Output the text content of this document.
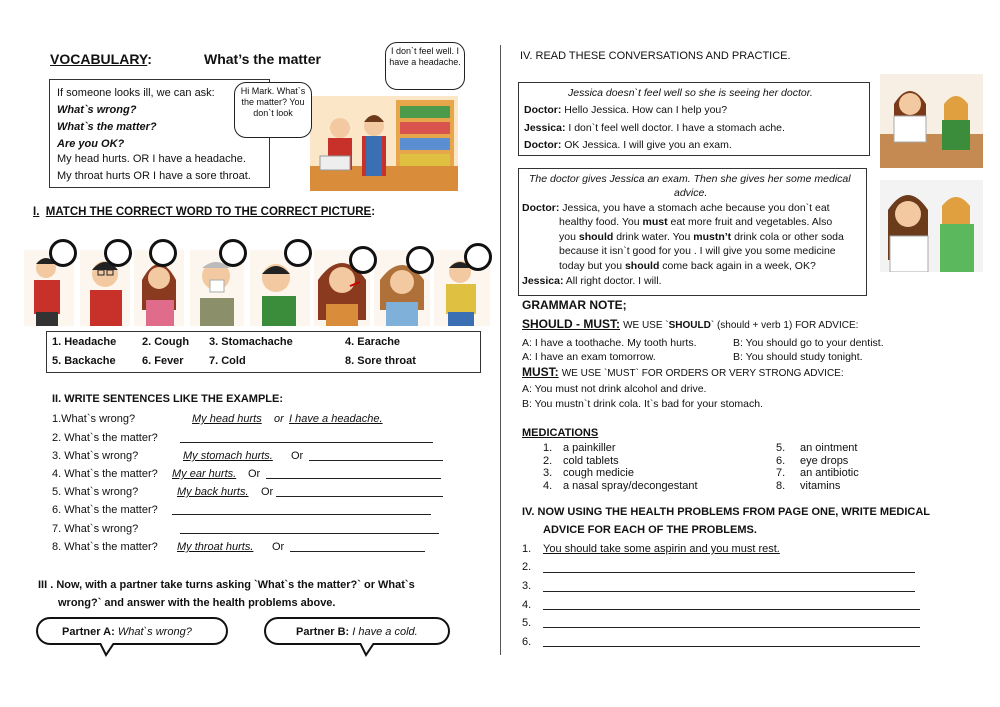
VOCABULARY:	What’s the matter
If someone looks ill, we can ask:
What`s wrong?
What`s the matter?
Are you OK?
My head hurts. OR I have a headache.
My throat hurts OR I have a sore throat.
Hi Mark. What`s the matter? You don`t look
I don`t feel well. I have a headache.
I. MATCH THE CORRECT WORD TO THE CORRECT PICTURE:
1. Headache 2. Cough 3. Stomachache	4. Earache
5. Backache 6. Fever 7. Cold	8. Sore throat
II. WRITE SENTENCES LIKE THE EXAMPLE:
1.What`s wrong?	My head hurts or I have a headache.
2. What`s the matter?
3. What`s wrong?	My stomach hurts. Or
4. What`s the matter? My ear hurts. Or
5. What`s wrong?	My back hurts. Or
6. What`s the matter?
7. What`s wrong?
8. What`s the matter? My throat hurts. Or
III . Now, with a partner take turns asking `What`s the matter?` or What`s
wrong?` and answer with the health problems above.
Partner A: What`s wrong?	Partner B: I have a cold.
IV. READ THESE CONVERSATIONS AND PRACTICE.
Jessica doesn`t feel well so she is seeing her doctor.
Doctor: Hello Jessica. How can I help you?
Jessica: I don`t feel well doctor. I have a stomach ache.
Doctor: OK Jessica. I will give you an exam.
The doctor gives Jessica an exam. Then she gives her some medical
advice.
Doctor: Jessica, you have a stomach ache because you don`t eat
healthy food. You must eat more fruit and vegetables. Also
you should drink water. You mustn’t drink cola or other soda
because it isn`t good for you . I will give you some medicine
today but you should come back again in a week, OK?
Jessica: All right doctor. I will.
GRAMMAR NOTE;
SHOULD - MUST: WE USE `SHOULD` (should + verb 1) FOR ADVICE:
A: I have a toothache. My tooth hurts.	B: You should go to your dentist.
A: I have an exam tomorrow.	B: You should study tonight.
MUST: WE USE `MUST` FOR ORDERS OR VERY STRONG ADVICE:
A: You must not drink alcohol and drive.
B: You mustn`t drink cola. It`s bad for your stomach.
MEDICATIONS
1. a painkiller
2. cold tablets
3. cough medicie
4. a nasal spray/decongestant
5. an ointment
6. eye drops
7. an antibiotic
8. vitamins
IV. NOW USING THE HEALTH PROBLEMS FROM PAGE ONE, WRITE MEDICAL
ADVICE FOR EACH OF THE PROBLEMS.
1. You should take some aspirin and you must rest.
2.
3.
4.
5.
6.
